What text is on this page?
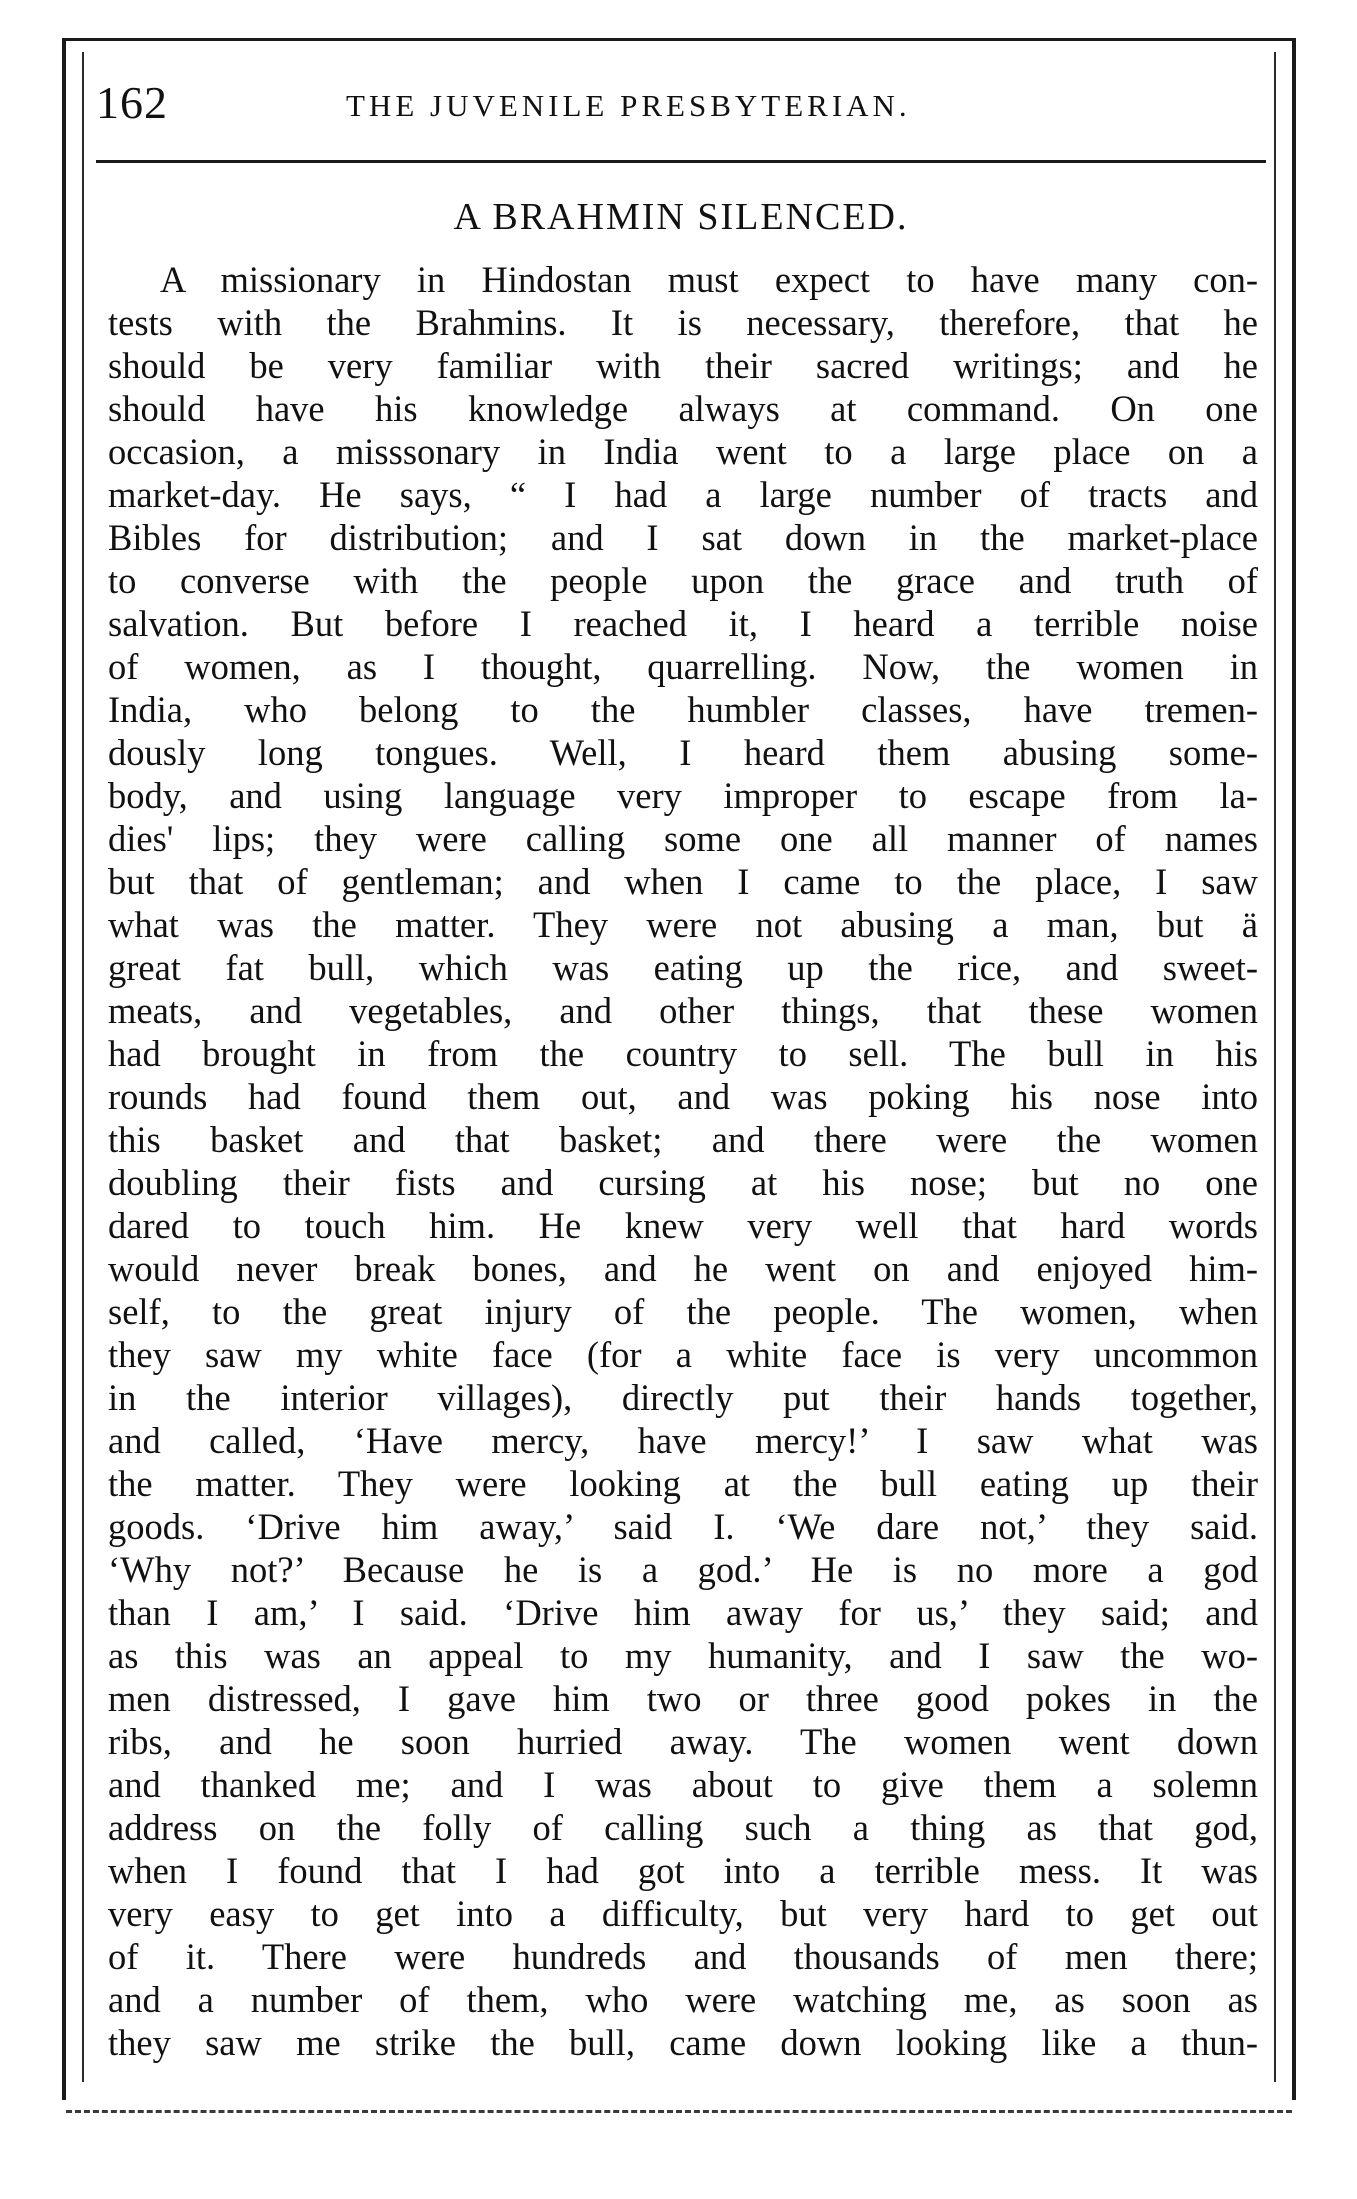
162	THE JUVENILE PRESBYTERIAN.
A BRAHMIN SILENCED.
A missionary in Hindostan must expect to have many con-
tests with the Brahmins. It is necessary, therefore, that he
should be very familiar with their sacred writings; and he
should have his knowledge always at command. On one
occasion, a misssonary in India went to a large place on a
market-day. He says, “ I had a large number of tracts and
Bibles for distribution; and I sat down in the market-place
to converse with the people upon the grace and truth of
salvation. But before I reached it, I heard a terrible noise
of women, as I thought, quarrelling. Now, the women in
India, who belong to the humbler classes, have tremen-
dously long tongues. Well, I heard them abusing some-
body, and using language very improper to escape from la-
dies' lips; they were calling some one all manner of names
but that of gentleman; and when I came to the place, I saw
what was the matter. They were not abusing a man, but ä
great fat bull, which was eating up the rice, and sweet-
meats, and vegetables, and other things, that these women
had brought in from the country to sell. The bull in his
rounds had found them out, and was poking his nose into
this basket and that basket; and there were the women
doubling their fists and cursing at his nose; but no one
dared to touch him. He knew very well that hard words
would never break bones, and he went on and enjoyed him-
self, to the great injury of the people. The women, when
they saw my white face (for a white face is very uncommon
in the interior villages), directly put their hands together,
and called, ‘Have mercy, have mercy!’ I saw what was
the matter. They were looking at the bull eating up their
goods. ‘Drive him away,’ said I. ‘We dare not,’ they said.
‘Why not?’ Because he is a god.’ He is no more a god
than I am,’ I said. ‘Drive him away for us,’ they said; and
as this was an appeal to my humanity, and I saw the wo-
men distressed, I gave him two or three good pokes in the
ribs, and he soon hurried away. The women went down
and thanked me; and I was about to give them a solemn
address on the folly of calling such a thing as that god,
when I found that I had got into a terrible mess. It was
very easy to get into a difficulty, but very hard to get out
of it. There were hundreds and thousands of men there;
and a number of them, who were watching me, as soon as
they saw me strike the bull, came down looking like a thun-
